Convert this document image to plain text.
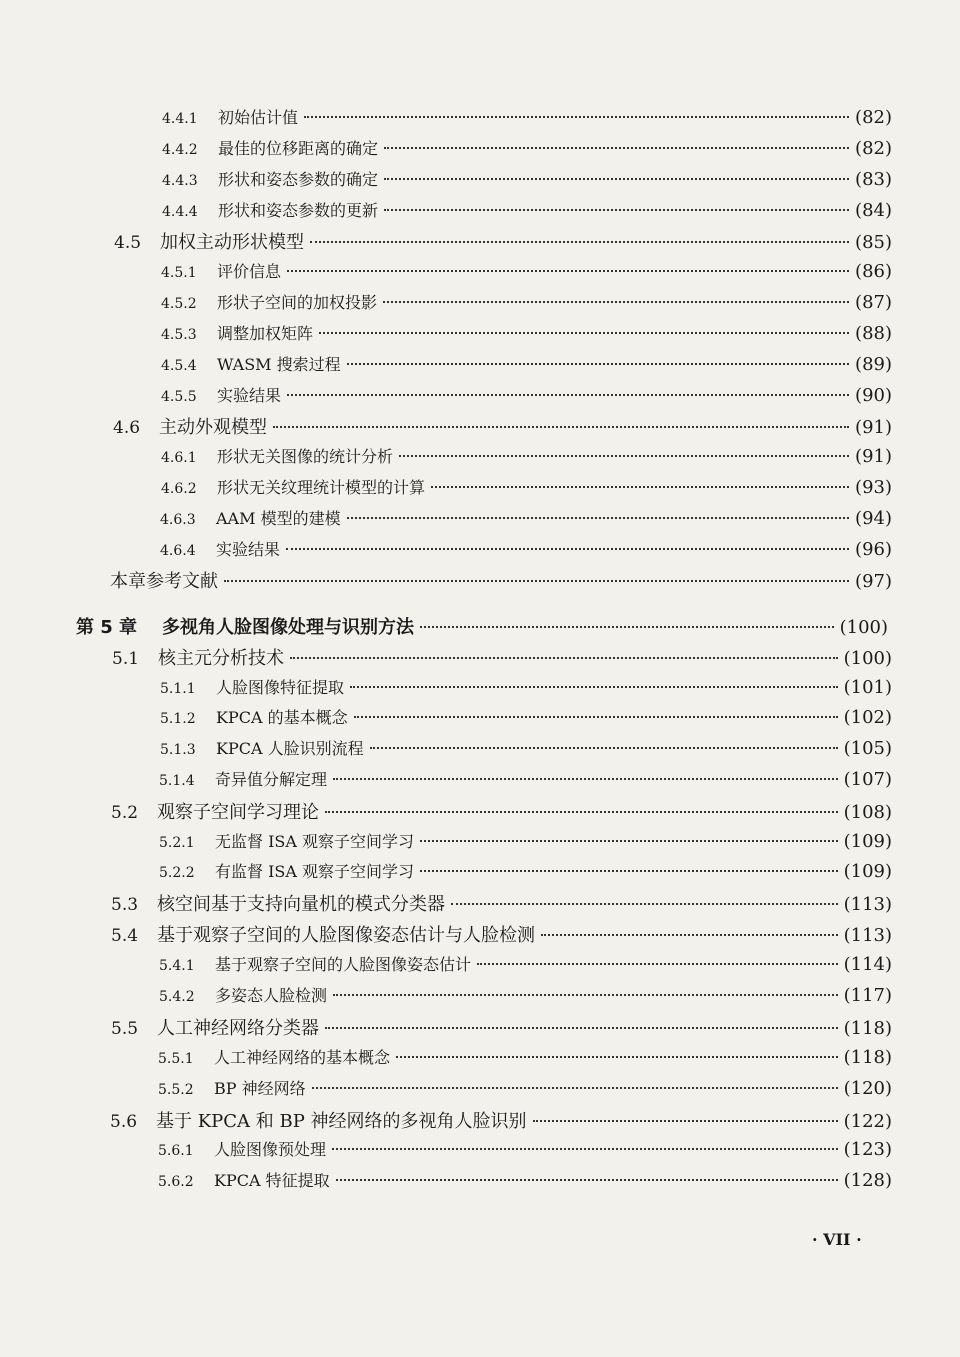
4.4.1	初始估计值	(82)
4.4.2	最佳的位移距离的确定	(82)
4.4.3	形状和姿态参数的确定	(83)
4.4.4	形状和姿态参数的更新	(84)
4.5	加权主动形状模型	(85)
4.5.1	评价信息	(86)
4.5.2	形状子空间的加权投影	(87)
4.5.3	调整加权矩阵	(88)
4.5.4	WASM 搜索过程	(89)
4.5.5	实验结果	(90)
4.6	主动外观模型	(91)
4.6.1	形状无关图像的统计分析	(91)
4.6.2	形状无关纹理统计模型的计算	(93)
4.6.3	AAM 模型的建模	(94)
4.6.4	实验结果	(96)
本章参考文献	(97)
第 5 章	多视角人脸图像处理与识别方法	(100)
5.1	核主元分析技术	(100)
5.1.1	人脸图像特征提取	(101)
5.1.2	KPCA 的基本概念	(102)
5.1.3	KPCA 人脸识别流程	(105)
5.1.4	奇异值分解定理	(107)
5.2	观察子空间学习理论	(108)
5.2.1	无监督 ISA 观察子空间学习	(109)
5.2.2	有监督 ISA 观察子空间学习	(109)
5.3	核空间基于支持向量机的模式分类器	(113)
5.4	基于观察子空间的人脸图像姿态估计与人脸检测	(113)
5.4.1	基于观察子空间的人脸图像姿态估计	(114)
5.4.2	多姿态人脸检测	(117)
5.5	人工神经网络分类器	(118)
5.5.1	人工神经网络的基本概念	(118)
5.5.2	BP 神经网络	(120)
5.6	基于 KPCA 和 BP 神经网络的多视角人脸识别	(122)
5.6.1	人脸图像预处理	(123)
5.6.2	KPCA 特征提取	(128)
· VII ·
